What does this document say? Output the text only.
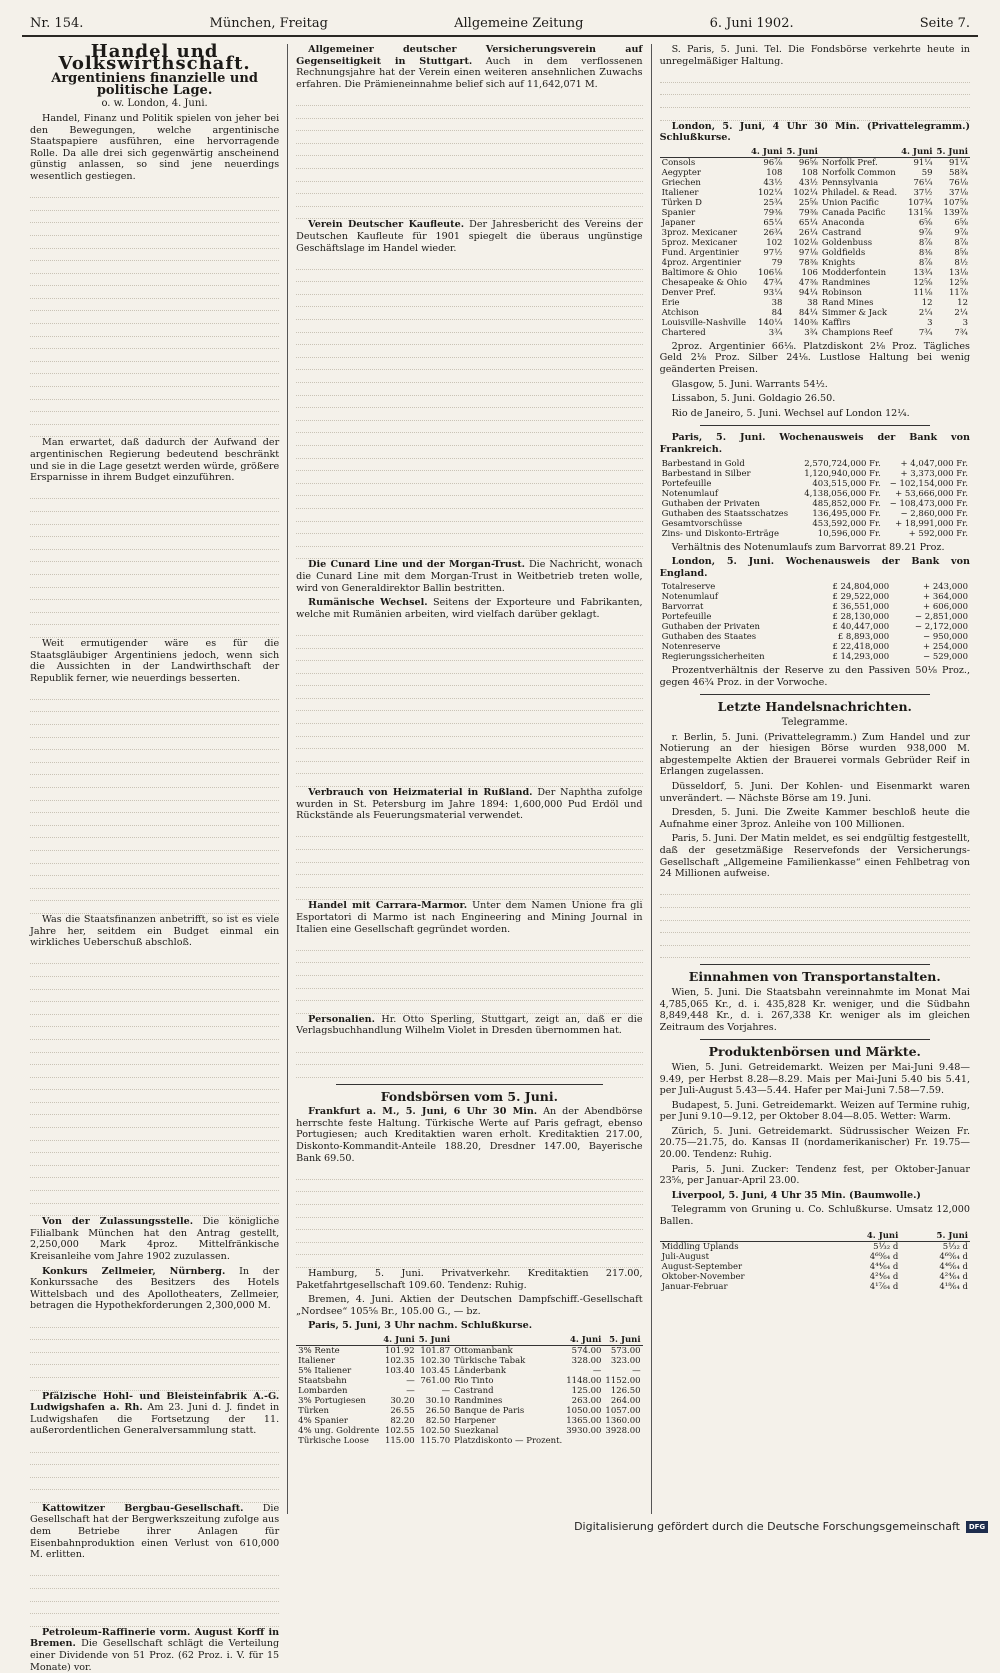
Nr. 154.	München, Freitag	Allgemeine Zeitung	6. Juni 1902.	Seite 7.
Handel und Volkswirthschaft.
Argentiniens finanzielle und politische Lage.
o. w. London, 4. Juni.

Handel, Finanz und Politik spielen von jeher bei den Bewegungen, welche argentinische Staatspapiere ausführen, eine hervorragende Rolle. Da alle drei sich gegenwärtig anscheinend günstig anlassen, so sind jene neuerdings wesentlich gestiegen.

Man erwartet, daß dadurch der Aufwand der argentinischen Regierung bedeutend beschränkt und sie in die Lage gesetzt werden würde, größere Ersparnisse in ihrem Budget einzuführen.

Weit ermutigender wäre es für die Staatsgläubiger Argentiniens jedoch, wenn sich die Aussichten in der Landwirthschaft der Republik ferner, wie neuerdings besserten.

Was die Staatsfinanzen anbetrifft, so ist es viele Jahre her, seitdem ein Budget einmal ein wirkliches Ueberschuß abschloß.

Von der Zulassungsstelle. Die königliche Filialbank München hat den Antrag gestellt, 2,250,000 Mark 4proz. Mittelfränkische Kreisanleihe vom Jahre 1902 zuzulassen.

Konkurs Zellmeier, Nürnberg. In der Konkurssache des Besitzers des Hotels Wittelsbach und des Apollotheaters, Zellmeier, betragen die Hypothekforderungen 2,300,000 M.

Pfälzische Hohl- und Bleisteinfabrik A.-G. Ludwigshafen a. Rh. Am 23. Juni d. J. findet in Ludwigshafen die Fortsetzung der 11. außerordentlichen Generalversammlung statt.

Kattowitzer Bergbau-Gesellschaft. Die Gesellschaft hat der Bergwerkszeitung zufolge aus dem Betriebe ihrer Anlagen für Eisenbahnproduktion einen Verlust von 610,000 M. erlitten.

Petroleum-Raffinerie vorm. August Korff in Bremen. Die Gesellschaft schlägt die Verteilung einer Dividende von 51 Proz. (62 Proz. i. V. für 15 Monate) vor.

Allgemeiner deutscher Versicherungsverein auf Gegenseitigkeit in Stuttgart. Auch in dem verflossenen Rechnungsjahre hat der Verein einen weiteren ansehnlichen Zuwachs erfahren. Die Prämieneinnahme belief sich auf 11,642,071 M.

Verein Deutscher Kaufleute. Der Jahresbericht des Vereins der Deutschen Kaufleute für 1901 spiegelt die überaus ungünstige Geschäftslage im Handel wieder.

Die Cunard Line und der Morgan-Trust. Die Nachricht, wonach die Cunard Line mit dem Morgan-Trust in Weitbetrieb treten wolle, wird von Generaldirektor Ballin bestritten.

Rumänische Wechsel. Seitens der Exporteure und Fabrikanten, welche mit Rumänien arbeiten, wird vielfach darüber geklagt.

Verbrauch von Heizmaterial in Rußland. Der Naphtha zufolge wurden in St. Petersburg im Jahre 1894: 1,600,000 Pud Erdöl und Rückstände als Feuerungsmaterial verwendet.

Handel mit Carrara-Marmor. Unter dem Namen Unione fra gli Esportatori di Marmo ist nach Engineering and Mining Journal in Italien eine Gesellschaft gegründet worden.

Personalien. Hr. Otto Sperling, Stuttgart, zeigt an, daß er die Verlagsbuchhandlung Wilhelm Violet in Dresden übernommen hat.

Fondsbörsen vom 5. Juni.

Frankfurt a. M., 5. Juni, 6 Uhr 30 Min. An der Abendbörse herrschte feste Haltung. Türkische Werte auf Paris gefragt, ebenso Portugiesen; auch Kreditaktien waren erholt. Kreditaktien 217.00, Diskonto-Kommandit-Anteile 188.20, Dresdner 147.00, Bayerische Bank 69.50.

Hamburg, 5. Juni. Privatverkehr. Kreditaktien 217.00, Paketfahrtgesellschaft 109.60. Tendenz: Ruhig.

Bremen, 4. Juni. Aktien der Deutschen Dampfschiff.-Gesellschaft „Nordsee“ 105⅝ Br., 105.00 G., — bz.

Paris, 5. Juni, 3 Uhr nachm. Schlußkurse.

	4. Juni	5. Juni		4. Juni	5. Juni
3% Rente	101.92	101.87	Ottomanbank	574.00	573.00
Italiener	102.35	102.30	Türkische Tabak	328.00	323.00
5% Italiener	103.40	103.45	Länderbank	—	—
Staatsbahn	—	761.00	Rio Tinto	1148.00	1152.00
Lombarden	—	—	Castrand	125.00	126.50
3% Portugiesen	30.20	30.10	Randmines	263.00	264.00
Türken	26.55	26.50	Banque de Paris	1050.00	1057.00
4% Spanier	82.20	82.50	Harpener	1365.00	1360.00
4% ung. Goldrente	102.55	102.50	Suezkanal	3930.00	3928.00
Türkische Loose	115.00	115.70	Platzdiskonto — Prozent.		

S. Paris, 5. Juni. Tel. Die Fondsbörse verkehrte heute in unregelmäßiger Haltung.

London, 5. Juni, 4 Uhr 30 Min. (Privattelegramm.) Schlußkurse.

	4. Juni	5. Juni		4. Juni	5. Juni
Consols	96⅞	96⅝	Norfolk Pref.	91¼	91¼
Aegypter	108	108	Norfolk Common	59	58¾
Griechen	43½	43½	Pennsylvania	76¼	76⅛
Italiener	102¼	102¼	Philadel. & Read.	37½	37⅛
Türken D	25¾	25⅝	Union Pacific	107¾	107⅝
Spanier	79⅜	79⅜	Canada Pacific	131⅝	139⅞
Japaner	65¼	65¼	Anaconda	6⅝	6⅝
3proz. Mexicaner	26¾	26¼	Castrand	9⅞	9⅞
5proz. Mexicaner	102	102⅛	Goldenbuss	8⅞	8⅞
Fund. Argentinier	97½	97⅛	Goldfields	8⅜	8⅝
4proz. Argentinier	79	78⅜	Knights	8⅞	8½
Baltimore & Ohio	106⅛	106	Modderfontein	13¾	13⅛
Chesapeake & Ohio	47¾	47⅜	Randmines	12⅝	12⅝
Denver Pref.	93¼	94¼	Robinson	11⅛	11⅞
Erie	38	38	Rand Mines	12	12
Atchison	84	84¼	Simmer & Jack	2¼	2¼
Louisville-Nashville	140¼	140⅜	Kaffirs	3	3
Chartered	3¾	3¾	Champions Reef	7¾	7¾

2proz. Argentinier 66⅛. Platzdiskont 2⅛ Proz. Tägliches Geld 2⅛ Proz. Silber 24⅛. Lustlose Haltung bei wenig geänderten Preisen.

Glasgow, 5. Juni. Warrants 54½.

Lissabon, 5. Juni. Goldagio 26.50.

Rio de Janeiro, 5. Juni. Wechsel auf London 12¼.

Paris, 5. Juni. Wochenausweis der Bank von Frankreich.

Barbestand in Gold	2,570,724,000 Fr.	+ 4,047,000 Fr.
Barbestand in Silber	1,120,940,000 Fr.	+ 3,373,000 Fr.
Portefeuille	403,515,000 Fr.	− 102,154,000 Fr.
Notenumlauf	4,138,056,000 Fr.	+ 53,666,000 Fr.
Guthaben der Privaten	485,852,000 Fr.	− 108,473,000 Fr.
Guthaben des Staatsschatzes	136,495,000 Fr.	− 2,860,000 Fr.
Gesamtvorschüsse	453,592,000 Fr.	+ 18,991,000 Fr.
Zins- und Diskonto-Erträge	10,596,000 Fr.	+ 592,000 Fr.

Verhältnis des Notenumlaufs zum Barvorrat 89.21 Proz.

London, 5. Juni. Wochenausweis der Bank von England.

Totalreserve	£ 24,804,000	+ 243,000
Notenumlauf	£ 29,522,000	+ 364,000
Barvorrat	£ 36,551,000	+ 606,000
Portefeuille	£ 28,130,000	− 2,851,000
Guthaben der Privaten	£ 40,447,000	− 2,172,000
Guthaben des Staates	£ 8,893,000	− 950,000
Notenreserve	£ 22,418,000	+ 254,000
Regierungssicherheiten	£ 14,293,000	− 529,000

Prozentverhältnis der Reserve zu den Passiven 50⅛ Proz., gegen 46¾ Proz. in der Vorwoche.

Letzte Handelsnachrichten.
Telegramme.

r. Berlin, 5. Juni. (Privattelegramm.) Zum Handel und zur Notierung an der hiesigen Börse wurden 938,000 M. abgestempelte Aktien der Brauerei vormals Gebrüder Reif in Erlangen zugelassen.

Düsseldorf, 5. Juni. Der Kohlen- und Eisenmarkt waren unverändert. — Nächste Börse am 19. Juni.

Dresden, 5. Juni. Die Zweite Kammer beschloß heute die Aufnahme einer 3proz. Anleihe von 100 Millionen.

Paris, 5. Juni. Der Matin meldet, es sei endgültig festgestellt, daß der gesetzmäßige Reservefonds der Versicherungs-Gesellschaft „Allgemeine Familienkasse“ einen Fehlbetrag von 24 Millionen aufweise.

Einnahmen von Transportanstalten.

Wien, 5. Juni. Die Staatsbahn vereinnahmte im Monat Mai 4,785,065 Kr., d. i. 435,828 Kr. weniger, und die Südbahn 8,849,448 Kr., d. i. 267,338 Kr. weniger als im gleichen Zeitraum des Vorjahres.

Produktenbörsen und Märkte.

Wien, 5. Juni. Getreidemarkt. Weizen per Mai-Juni 9.48—9.49, per Herbst 8.28—8.29. Mais per Mai-Juni 5.40 bis 5.41, per Juli-August 5.43—5.44. Hafer per Mai-Juni 7.58—7.59.

Budapest, 5. Juni. Getreidemarkt. Weizen auf Termine ruhig, per Juni 9.10—9.12, per Oktober 8.04—8.05. Wetter: Warm.

Zürich, 5. Juni. Getreidemarkt. Südrussischer Weizen Fr. 20.75—21.75, do. Kansas II (nordamerikanischer) Fr. 19.75—20.00. Tendenz: Ruhig.

Paris, 5. Juni. Zucker: Tendenz fest, per Oktober-Januar 23⅝, per Januar-April 23.00.

Liverpool, 5. Juni, 4 Uhr 35 Min. (Baumwolle.)

Telegramm von Gruning u. Co. Schlußkurse. Umsatz 12,000 Ballen.

	4. Juni	5. Juni
Middling Uplands	5⅓₂ d	5⅓₂ d
Juli-August	4⁶⁰⁄₆₄ d	4⁶⁰⁄₆₄ d
August-September	4⁴⁴⁄₆₄ d	4⁴⁶⁄₆₄ d
Oktober-November	4²⁴⁄₆₄ d	4²⁴⁄₆₄ d
Januar-Februar	4¹⁷⁄₆₄ d	4¹⁸⁄₆₄ d
Digitalisierung gefördert durch die Deutsche Forschungsgemeinschaft	DFG
